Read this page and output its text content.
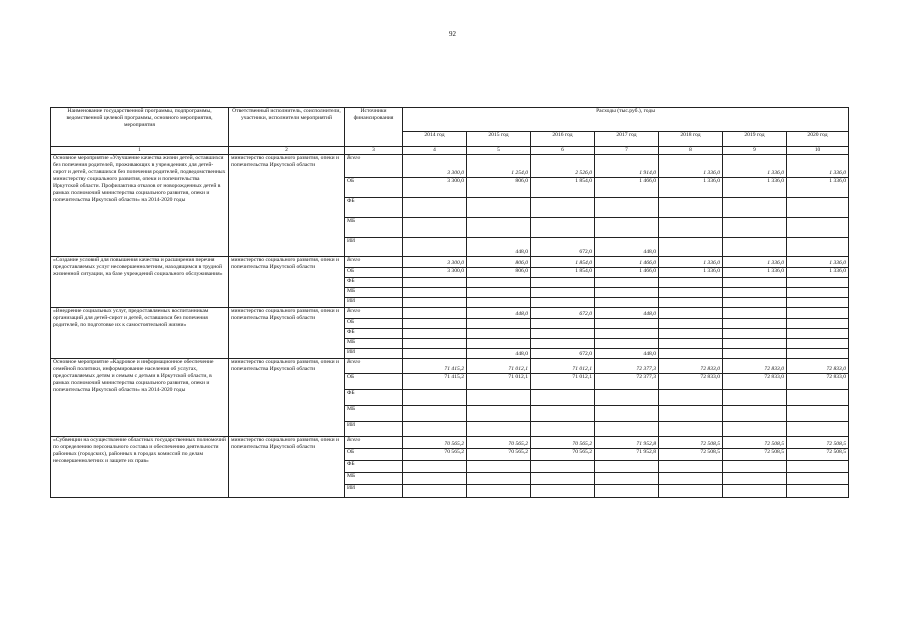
92
Наименование государственной программы, подпрограммы, ведомственной целевой программы, основного мероприятия, мероприятия	Ответственный исполнитель, соисполнители, участники, исполнители мероприятий	Источники финансирования	Расходы (тыс.руб.), годы						
			2014 год	2015 год	2016 год	2017 год	2018 год	2019 год	2020 год
1	2	3	4	5	6	7	8	9	10
Основное мероприятие «Улучшение качества жизни детей, оставшихся без попечения родителей, проживающих в учреждениях для детей-сирот и детей, оставшихся без попечения родителей, подведомственных министерству социального развития, опеки и попечительства Иркутской области. Профилактика отказов от новорожденных детей в рамках полномочий министерства социального развития, опеки и попечительства Иркутской области» на 2014-2020 годы	министерство социального развития, опеки и попечительства Иркутской области	Всего	3 300,0	1 254,0	2 526,0	1 914,0	1 336,0	1 336,0	1 336,0
		ОБ	3 300,0	806,0	1 854,0	1 466,0	1 336,0	1 336,0	1 336,0
		ФБ							
		МБ							
		ИИ		448,0	672,0	448,0			
«Создание условий для повышения качества и расширения перечня предоставляемых услуг несовершеннолетним, находящимся в трудной жизненной ситуации, на базе учреждений социального обслуживания»	министерство социального развития, опеки и попечительства Иркутской области	Всего	3 300,0	806,0	1 854,0	1 466,0	1 336,0	1 336,0	1 336,0
		ОБ	3 300,0	806,0	1 854,0	1 466,0	1 336,0	1 336,0	1 336,0
		ФБ							
		МБ							
		ИИ							
«Внедрение социальных услуг, предоставляемых воспитанникам организаций для детей-сирот и детей, оставшихся без попечения родителей, по подготовке их к самостоятельной жизни»	министерство социального развития, опеки и попечительства Иркутской области	Всего		448,0	672,0	448,0			
		ОБ							
		ФБ							
		МБ							
		ИИ		448,0	672,0	448,0			
Основное мероприятие «Кадровое и информационное обеспечение семейной политики, информирование населения об услугах, предоставляемых детям и семьям с детьми в Иркутской области, в рамках полномочий министерства социального развития, опеки и попечительства Иркутской области» на 2014-2020 годы	министерство социального развития, опеки и попечительства Иркутской области	Всего	71 415,2	71 012,1	71 012,1	72 377,3	72 833,0	72 833,0	72 833,0
		ОБ	71 415,2	71 012,1	71 012,1	72 377,3	72 833,0	72 833,0	72 833,0
		ФБ							
		МБ							
		ИИ							
«Субвенции на осуществление областных государственных полномочий по определению персонального состава и обеспечению деятельности районных (городских), районных в городах комиссий по делам несовершеннолетних и защите их прав»	министерство социального развития, опеки и попечительства Иркутской области	Всего	70 565,2	70 565,2	70 565,2	71 952,8	72 508,5	72 508,5	72 508,5
		ОБ	70 565,2	70 565,2	70 565,2	71 952,8	72 508,5	72 508,5	72 508,5
		ФБ							
		МБ							
		ИИ							
